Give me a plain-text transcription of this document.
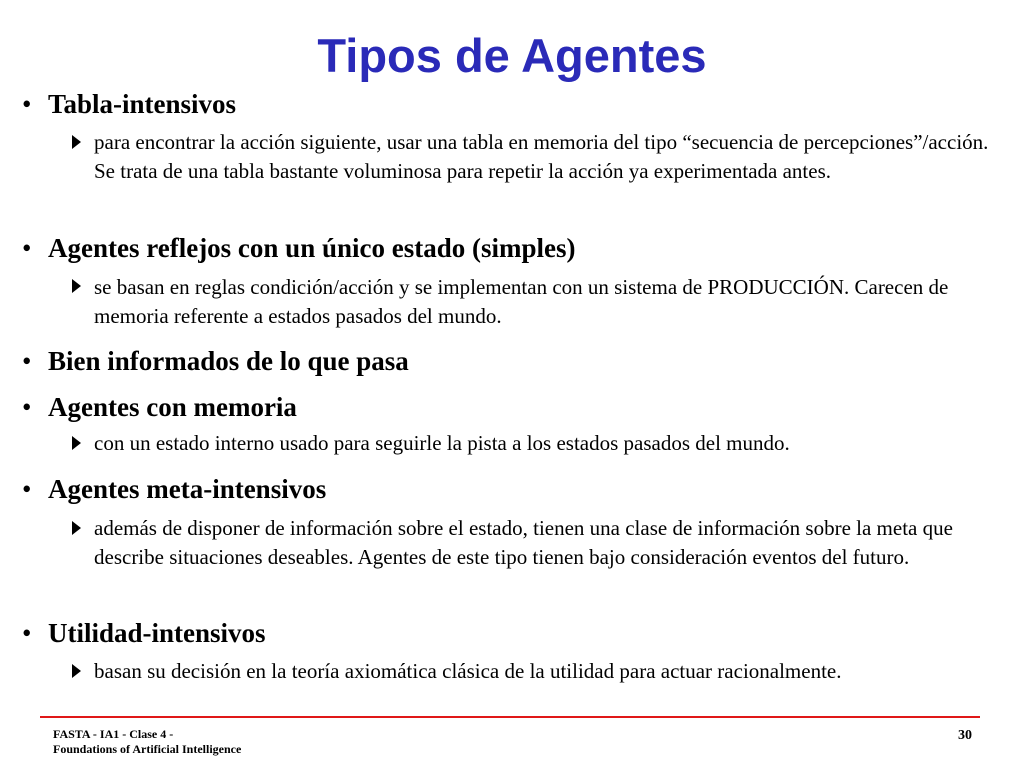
Tipos de Agentes
• Tabla-intensivos
para encontrar la acción siguiente, usar una tabla en memoria del tipo “secuencia de percepciones”/acción. Se trata de una tabla bastante voluminosa para repetir la acción ya experimentada antes.
• Agentes reflejos con un único estado (simples)
se basan en reglas condición/acción y se implementan con un sistema de PRODUCCIÓN. Carecen de memoria referente a estados pasados del mundo.
• Bien informados de lo que pasa
• Agentes con memoria
con un estado interno usado para seguirle la pista a los estados pasados del mundo.
• Agentes meta-intensivos
además de disponer de información sobre el estado, tienen una clase de información sobre la meta que describe situaciones deseables. Agentes de este tipo tienen bajo consideración eventos del futuro.
• Utilidad-intensivos
basan su decisión en la teoría axiomática clásica de la utilidad para actuar racionalmente.
FASTA - IA1 - Clase 4 -
Foundations of Artificial Intelligence
30
